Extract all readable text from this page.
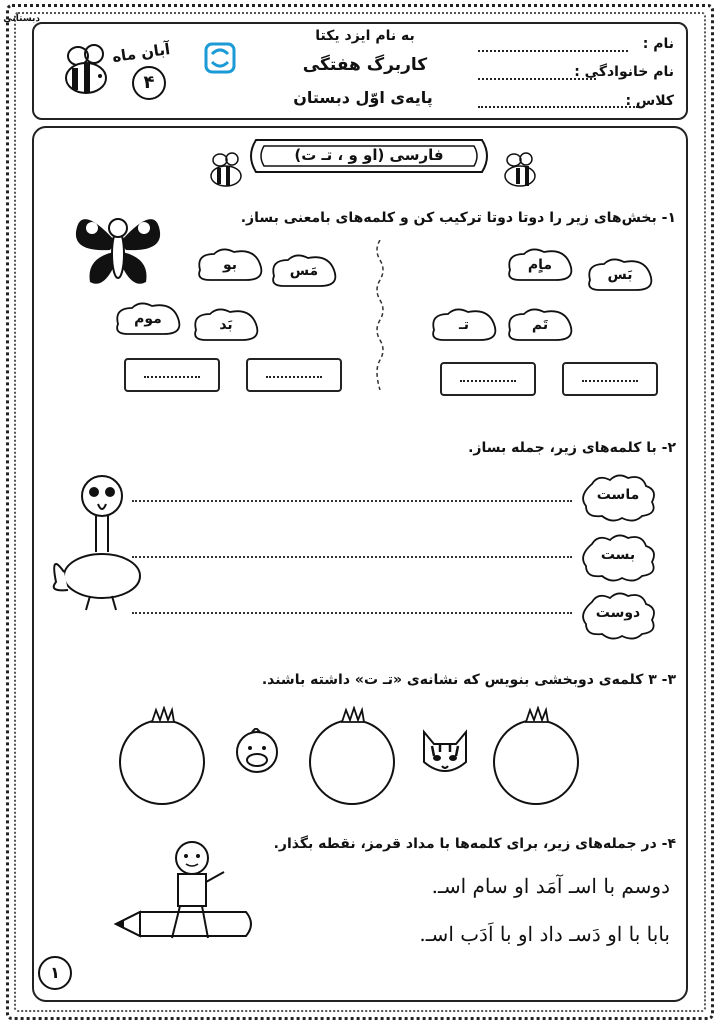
دبستانی
نام :
نام خانوادگی :
کلاس :
به نام ایزد یکتا
کاربرگ هفتگی
پایه‌ی اوّل دبستان
آبان ماه
۴
فارسی (او و ، تـ ت)
۱- بخش‌های زیر را دوتا دوتا ترکیب کن و کلمه‌های بامعنی بساز.
ماٍم
بَس
تَم
تـ
مَس
بو
بَد
موم
۲- با کلمه‌های زیر، جمله بساز.
ماست
بست
دوست
۳- ۳ کلمه‌ی دوبخشی بنویس که نشانه‌ی «تـ ت» داشته باشند.
۴- در جمله‌های زیر، برای کلمه‌ها با مداد قرمز، نقطه بگذار.
دوسم با اسـ آمَد او سام اسـ.
بابا با او دَسـ داد او با اَدَب اسـ.
۱
